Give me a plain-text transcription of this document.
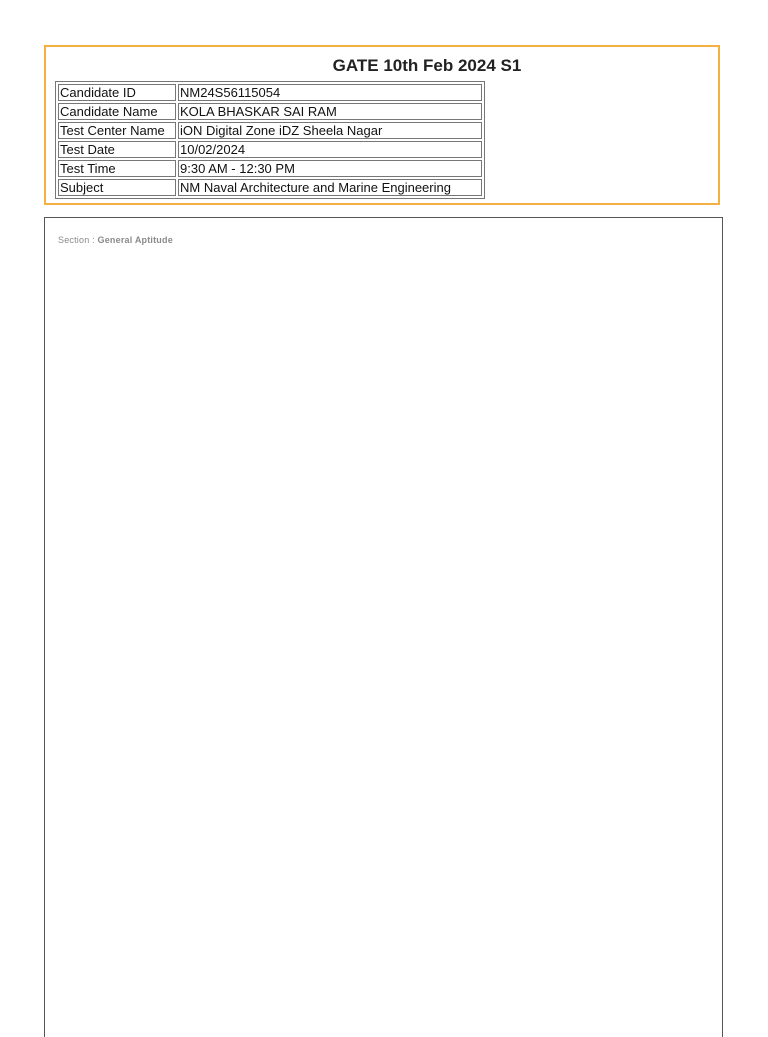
GATE 10th Feb 2024 S1
Candidate ID	NM24S56115054
Candidate Name	KOLA BHASKAR SAI RAM
Test Center Name	iON Digital Zone iDZ Sheela Nagar
Test Date	10/02/2024
Test Time	9:30 AM - 12:30 PM
Subject	NM Naval Architecture and Marine Engineering
Section : General Aptitude
